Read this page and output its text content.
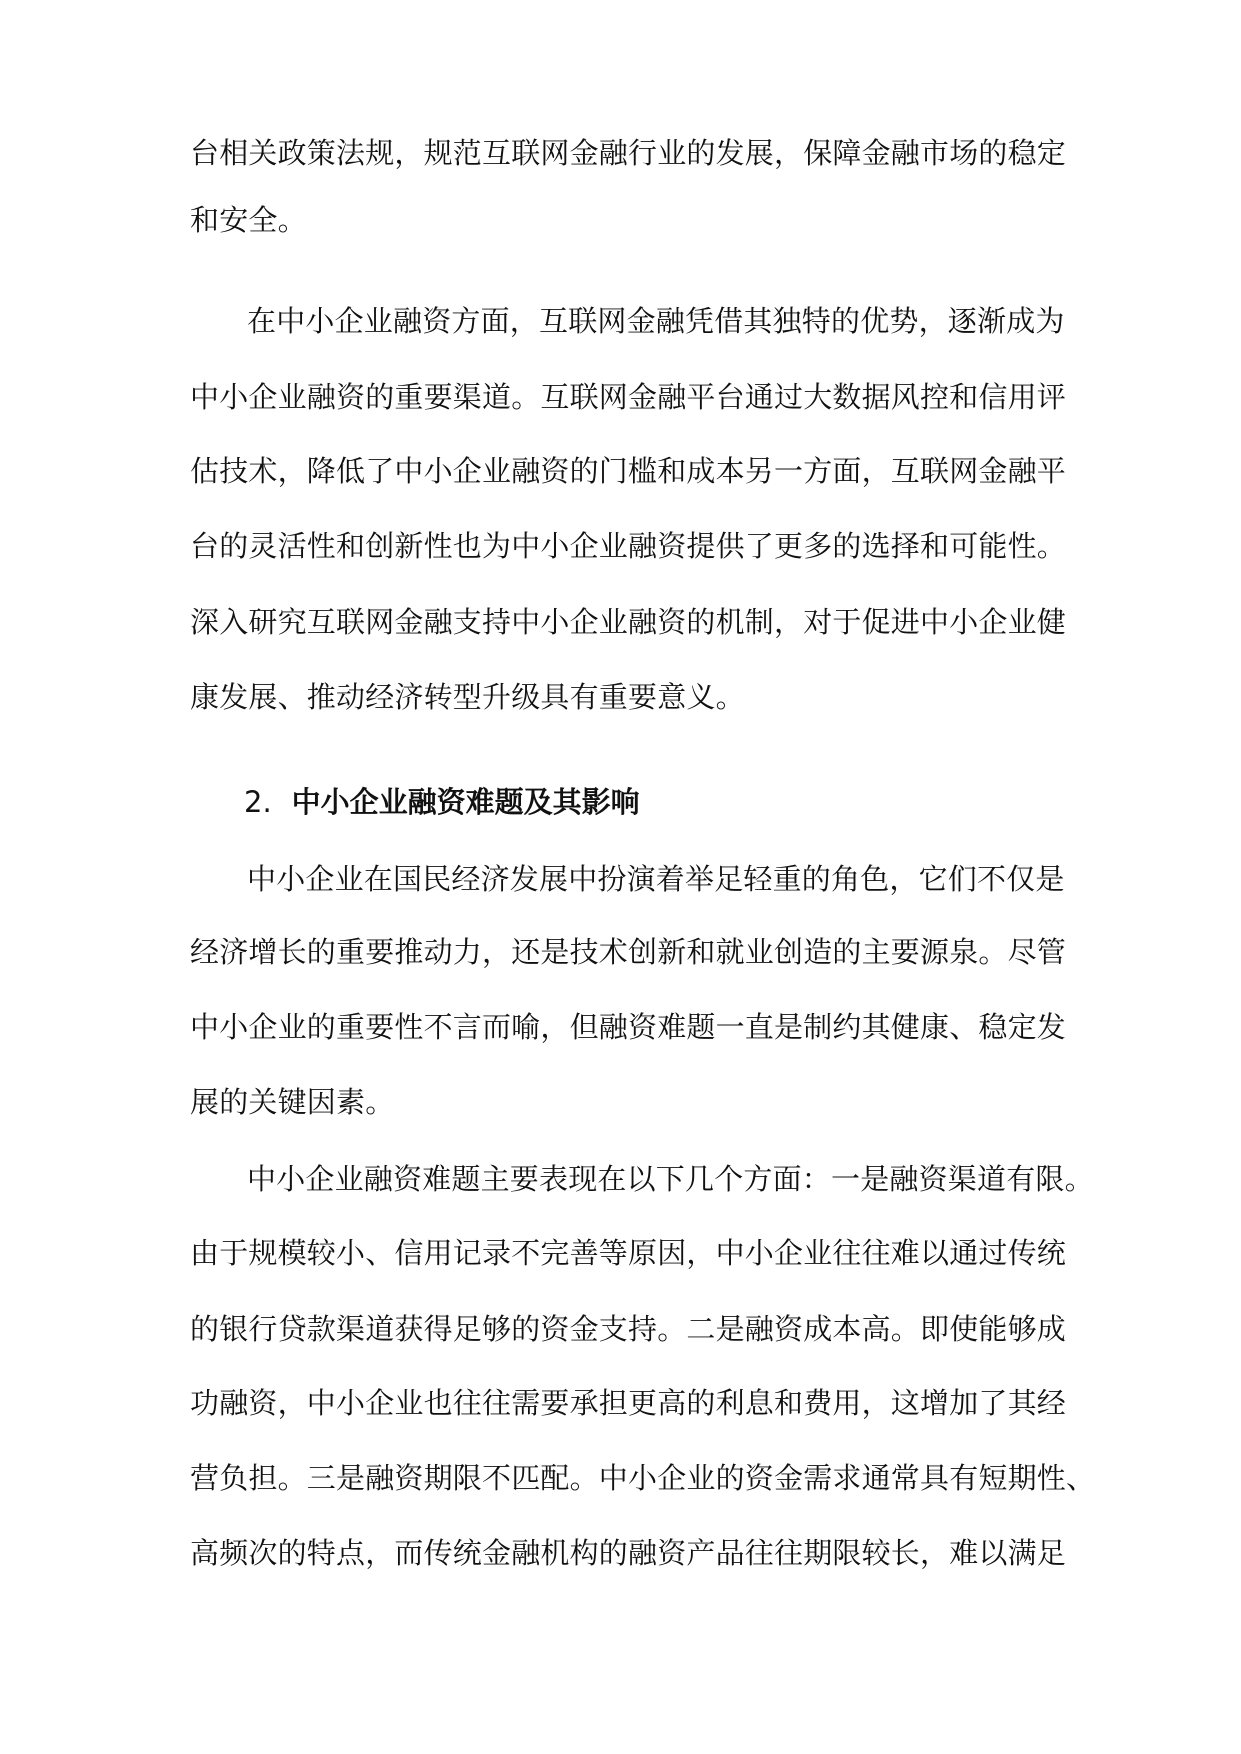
台相关政策法规，规范互联网金融行业的发展，保障金融市场的稳定
和安全。
在中小企业融资方面，互联网金融凭借其独特的优势，逐渐成为
中小企业融资的重要渠道。互联网金融平台通过大数据风控和信用评
估技术，降低了中小企业融资的门槛和成本另一方面，互联网金融平
台的灵活性和创新性也为中小企业融资提供了更多的选择和可能性。
深入研究互联网金融支持中小企业融资的机制，对于促进中小企业健
康发展、推动经济转型升级具有重要意义。
2. 中小企业融资难题及其影响
中小企业在国民经济发展中扮演着举足轻重的角色，它们不仅是
经济增长的重要推动力，还是技术创新和就业创造的主要源泉。尽管
中小企业的重要性不言而喻，但融资难题一直是制约其健康、稳定发
展的关键因素。
中小企业融资难题主要表现在以下几个方面：一是融资渠道有限。
由于规模较小、信用记录不完善等原因，中小企业往往难以通过传统
的银行贷款渠道获得足够的资金支持。二是融资成本高。即使能够成
功融资，中小企业也往往需要承担更高的利息和费用，这增加了其经
营负担。三是融资期限不匹配。中小企业的资金需求通常具有短期性、
高频次的特点，而传统金融机构的融资产品往往期限较长，难以满足
